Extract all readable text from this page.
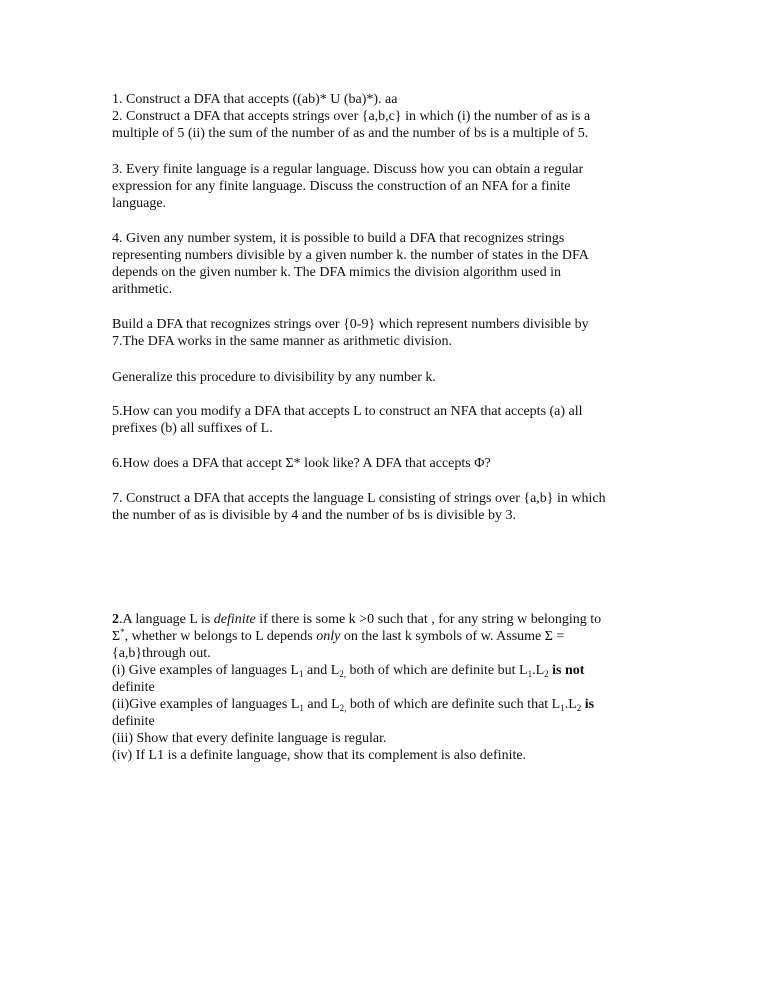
1. Construct a DFA that accepts ((ab)* U (ba)*). aa
2. Construct a DFA that accepts strings over {a,b,c} in which (i) the number of as is a
multiple of 5 (ii) the sum of the number of as and the number of bs is a multiple of 5.

3. Every finite language is a regular language. Discuss how you can obtain a regular
expression for any finite language. Discuss the construction of an NFA for a finite
language.

4. Given any number system, it is possible to build a DFA that recognizes strings
representing numbers divisible by a given number k. the number of states in the DFA
depends on the given number k. The DFA mimics the division algorithm used in
arithmetic.

Build a DFA that recognizes strings over {0-9} which represent numbers divisible by
7.The DFA works in the same manner as arithmetic division.

Generalize this procedure to divisibility by any number k.

5.How can you modify a DFA that accepts L to construct an NFA that accepts (a) all
prefixes (b) all suffixes of L.

6.How does a DFA that accept Σ* look like? A DFA that accepts Φ?

7. Construct a DFA that accepts the language L consisting of strings over {a,b} in which
the number of as is divisible by 4 and the number of bs is divisible by 3.

2.A language L is definite if there is some k >0 such that , for any string w belonging to
Σ*, whether w belongs to L depends only on the last k symbols of w. Assume Σ =
{a,b}through out.
(i) Give examples of languages $L_1$ and $L_{2,}$ both of which are definite but $L_1.L_2$ is not
definite
(ii)Give examples of languages $L_1$ and $L_{2,}$ both of which are definite such that $L_1.L_2$ is
definite
(iii) Show that every definite language is regular.
(iv) If L1 is a definite language, show that its complement is also definite.
